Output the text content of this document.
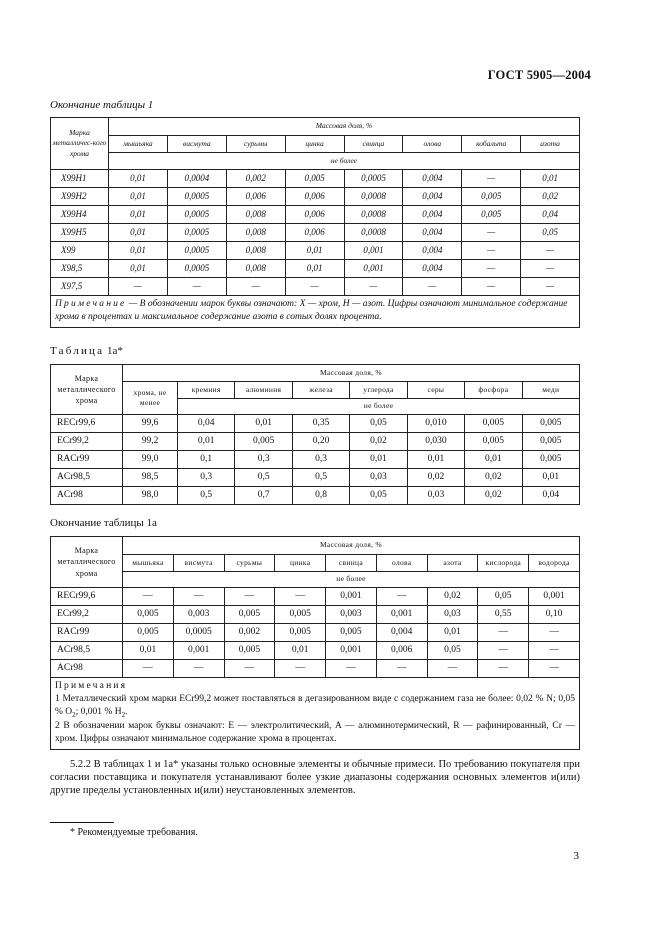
ГОСТ 5905—2004
Окончание таблицы 1
Марка металличес-кого хрома	Массовая доля, %							
	мышьяка	висмута	сурьмы	цинка	свинца	олова	кобальта	азота
	не более							
Х99Н1	0,01	0,0004	0,002	0,005	0,0005	0,004	—	0,01
Х99Н2	0,01	0,0005	0,006	0,006	0,0008	0,004	0,005	0,02
Х99Н4	0,01	0,0005	0,008	0,006	0,0008	0,004	0,005	0,04
Х99Н5	0,01	0,0005	0,008	0,006	0,0008	0,004	—	0,05
Х99	0,01	0,0005	0,008	0,01	0,001	0,004	—	—
Х98,5	0,01	0,0005	0,008	0,01	0,001	0,004	—	—
Х97,5	—	—	—	—	—	—	—	—
Примечание — В обозначении марок буквы означают: Х — хром, Н — азот. Цифры означают минимальное содержание хрома в процентах и максимальное содержание азота в сотых долях процента.								
Таблица 1а*
Марка металлического хрома	Массовая доля, %							
	хрома, не менее	кремния	алюминия	железа	углерода	серы	фосфора	меди
		не более						
RECr99,6	99,6	0,04	0,01	0,35	0,05	0,010	0,005	0,005
ECr99,2	99,2	0,01	0,005	0,20	0,02	0,030	0,005	0,005
RACr99	99,0	0,1	0,3	0,3	0,01	0,01	0,01	0,005
ACr98,5	98,5	0,3	0,5	0,5	0,03	0,02	0,02	0,01
ACr98	98,0	0,5	0,7	0,8	0,05	0,03	0,02	0,04
Окончание таблицы 1а
Марка металлического хрома	Массовая доля, %								
	мышьяка	висмута	сурьмы	цинка	свинца	олова	азота	кислорода	водорода
	не более								
RECr99,6	—	—	—	—	0,001	—	0,02	0,05	0,001
ECr99,2	0,005	0,003	0,005	0,005	0,003	0,001	0,03	0,55	0,10
RACr99	0,005	0,0005	0,002	0,005	0,005	0,004	0,01	—	—
ACr98,5	0,01	0,001	0,005	0,01	0,001	0,006	0,05	—	—
ACr98	—	—	—	—	—	—	—	—	—

Примечания
1 Металлический хром марки ECr99,2 может поставляться в дегазированном виде с содержанием газа не более: 0,02 % N; 0,05 % $O_2$; 0,001 % $H_2$.
2 В обозначении марок буквы означают: E — электролитический, A — алюминотермический, R — рафинированный, Cr — хром. Цифры означают минимальное содержание хрома в процентах.									
5.2.2 В таблицах 1 и 1а* указаны только основные элементы и обычные примеси. По требованию покупателя при согласии поставщика и покупателя устанавливают более узкие диапазоны содержания основных элементов и(или) другие пределы установленных и(или) неустановленных элементов.
* Рекомендуемые требования.
3
